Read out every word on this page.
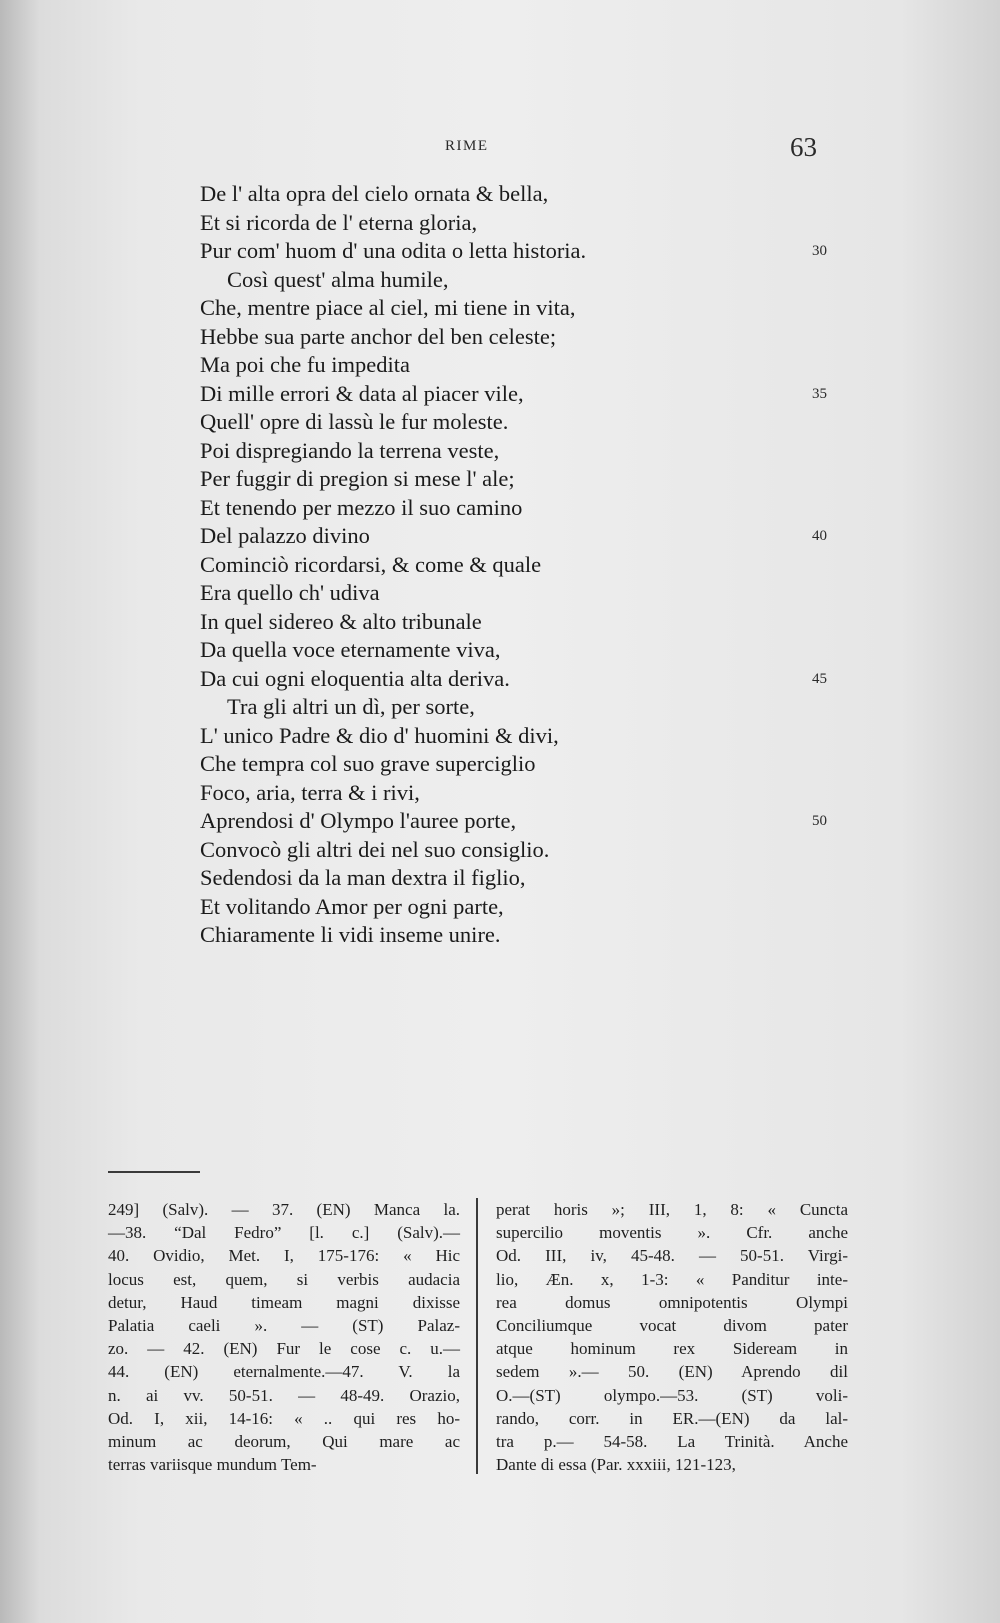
RIME	63
De l' alta opra del cielo ornata & bella,
Et si ricorda de l' eterna gloria,
Pur com' huom d' una odita o letta historia.
Così quest' alma humile,
Che, mentre piace al ciel, mi tiene in vita,
Hebbe sua parte anchor del ben celeste;
Ma poi che fu impedita
Di mille errori & data al piacer vile,
Quell' opre di lassù le fur moleste.
Poi dispregiando la terrena veste,
Per fuggir di pregion si mese l' ale;
Et tenendo per mezzo il suo camino
Del palazzo divino
Cominciò ricordarsi, & come & quale
Era quello ch' udiva
In quel sidereo & alto tribunale
Da quella voce eternamente viva,
Da cui ogni eloquentia alta deriva.
Tra gli altri un dì, per sorte,
L' unico Padre & dio d' huomini & divi,
Che tempra col suo grave superciglio
Foco, aria, terra & i rivi,
Aprendosi d' Olympo l'auree porte,
Convocò gli altri dei nel suo consiglio.
Sedendosi da la man dextra il figlio,
Et volitando Amor per ogni parte,
Chiaramente li vidi inseme unire.
30
35
40
45
50
249] (Salv). — 37. (EN) Manca la.
—38. “Dal Fedro” [l. c.] (Salv).—
40. Ovidio, Met. I, 175-176: « Hic
locus est, quem, si verbis audacia
detur, Haud timeam magni dixisse
Palatia caeli ». — (ST) Palaz-
zo. — 42. (EN) Fur le cose c. u.—
44. (EN) eternalmente.—47. V. la
n. ai vv. 50-51. — 48-49. Orazio,
Od. I, xii, 14-16: « .. qui res ho-
minum ac deorum, Qui mare ac
terras variisque mundum Tem-
perat horis »; III, 1, 8: « Cuncta
supercilio moventis ». Cfr. anche
Od. III, iv, 45-48. — 50-51. Virgi-
lio, Æn. x, 1-3: « Panditur inte-
rea domus omnipotentis Olympi
Conciliumque vocat divom pater
atque hominum rex Sideream in
sedem ».— 50. (EN) Aprendo dil
O.—(ST) olympo.—53. (ST) voli-
rando, corr. in ER.—(EN) da lal-
tra p.— 54-58. La Trinità. Anche
Dante di essa (Par. xxxiii, 121-123,
